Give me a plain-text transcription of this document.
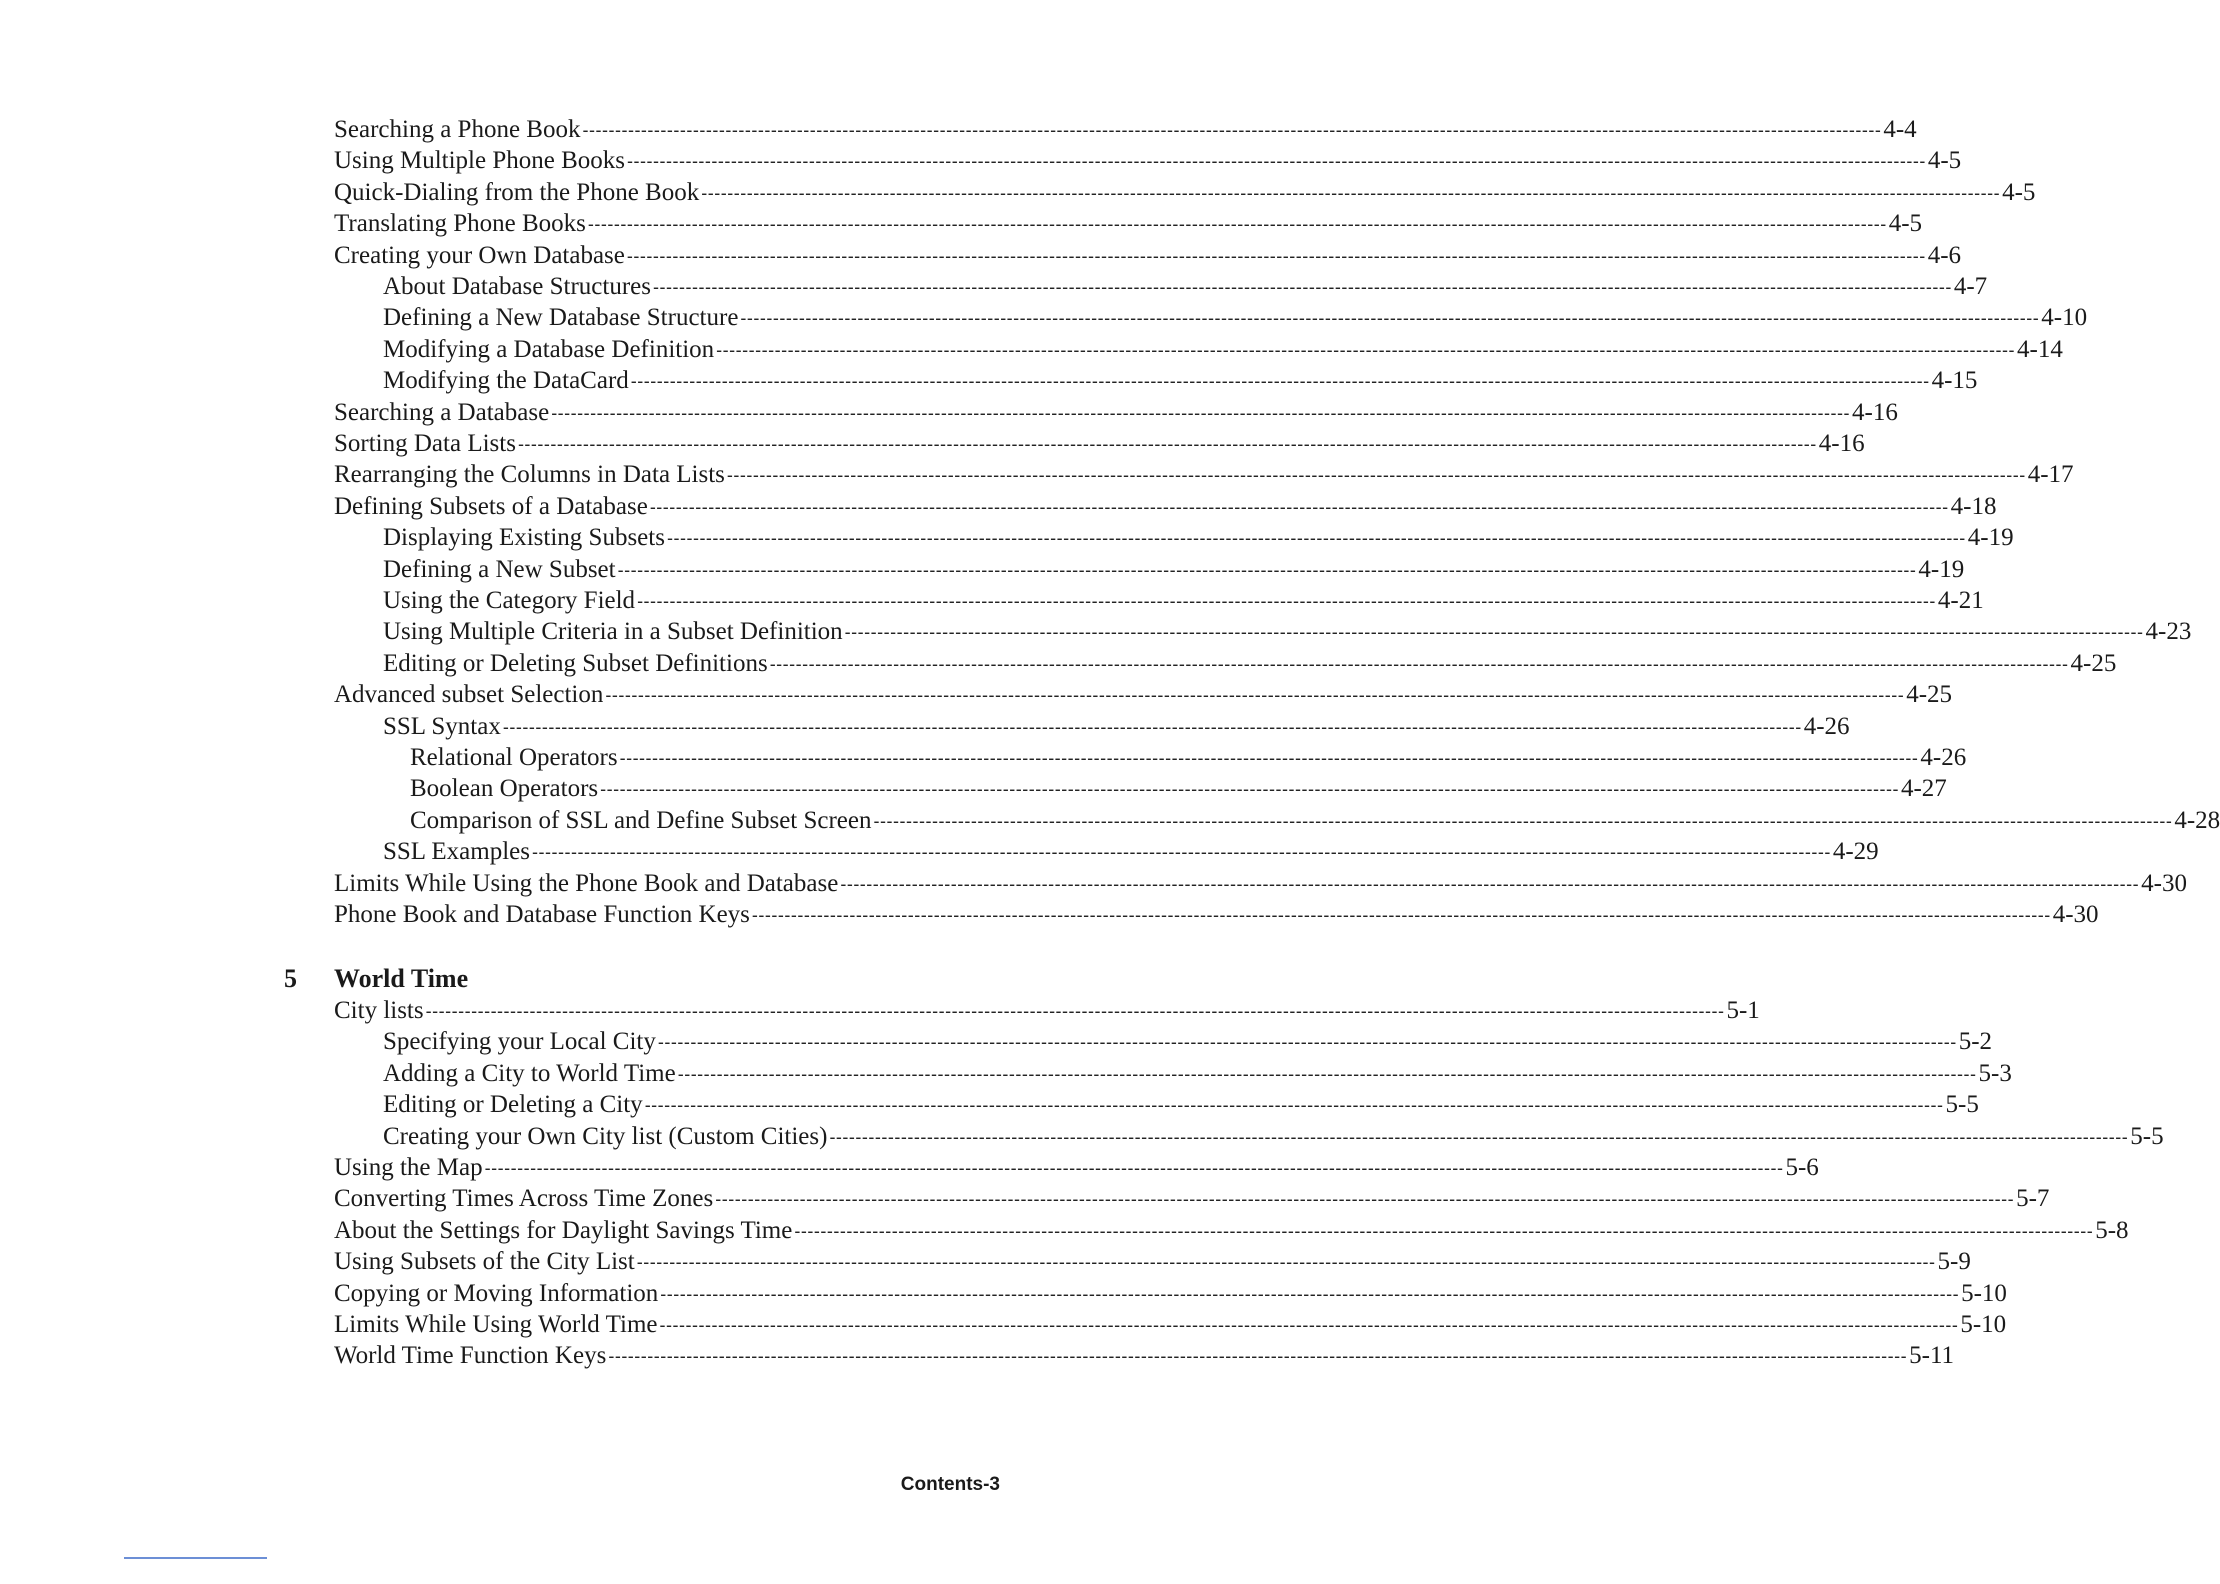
Searching a Phone Book -------------------------------------------------------------------------------------------------------------------------------------------------------------------------------------------------------- 4-4
Using Multiple Phone Books -------------------------------------------------------------------------------------------------------------------------------------------------------------------------------------------------------- 4-5
Quick-Dialing from the Phone Book -------------------------------------------------------------------------------------------------------------------------------------------------------------------------------------------------------- 4-5
Translating Phone Books -------------------------------------------------------------------------------------------------------------------------------------------------------------------------------------------------------- 4-5
Creating your Own Database -------------------------------------------------------------------------------------------------------------------------------------------------------------------------------------------------------- 4-6
About Database Structures -------------------------------------------------------------------------------------------------------------------------------------------------------------------------------------------------------- 4-7
Defining a New Database Structure -------------------------------------------------------------------------------------------------------------------------------------------------------------------------------------------------------- 4-10
Modifying a Database Definition -------------------------------------------------------------------------------------------------------------------------------------------------------------------------------------------------------- 4-14
Modifying the DataCard -------------------------------------------------------------------------------------------------------------------------------------------------------------------------------------------------------- 4-15
Searching a Database -------------------------------------------------------------------------------------------------------------------------------------------------------------------------------------------------------- 4-16
Sorting Data Lists -------------------------------------------------------------------------------------------------------------------------------------------------------------------------------------------------------- 4-16
Rearranging the Columns in Data Lists -------------------------------------------------------------------------------------------------------------------------------------------------------------------------------------------------------- 4-17
Defining Subsets of a Database -------------------------------------------------------------------------------------------------------------------------------------------------------------------------------------------------------- 4-18
Displaying Existing Subsets -------------------------------------------------------------------------------------------------------------------------------------------------------------------------------------------------------- 4-19
Defining a New Subset -------------------------------------------------------------------------------------------------------------------------------------------------------------------------------------------------------- 4-19
Using the Category Field -------------------------------------------------------------------------------------------------------------------------------------------------------------------------------------------------------- 4-21
Using Multiple Criteria in a Subset Definition -------------------------------------------------------------------------------------------------------------------------------------------------------------------------------------------------------- 4-23
Editing or Deleting Subset Definitions -------------------------------------------------------------------------------------------------------------------------------------------------------------------------------------------------------- 4-25
Advanced subset Selection -------------------------------------------------------------------------------------------------------------------------------------------------------------------------------------------------------- 4-25
SSL Syntax -------------------------------------------------------------------------------------------------------------------------------------------------------------------------------------------------------- 4-26
Relational Operators -------------------------------------------------------------------------------------------------------------------------------------------------------------------------------------------------------- 4-26
Boolean Operators -------------------------------------------------------------------------------------------------------------------------------------------------------------------------------------------------------- 4-27
Comparison of SSL and Define Subset Screen -------------------------------------------------------------------------------------------------------------------------------------------------------------------------------------------------------- 4-28
SSL Examples -------------------------------------------------------------------------------------------------------------------------------------------------------------------------------------------------------- 4-29
Limits While Using the Phone Book and Database -------------------------------------------------------------------------------------------------------------------------------------------------------------------------------------------------------- 4-30
Phone Book and Database Function Keys -------------------------------------------------------------------------------------------------------------------------------------------------------------------------------------------------------- 4-30
5 World Time
City lists -------------------------------------------------------------------------------------------------------------------------------------------------------------------------------------------------------- 5-1
Specifying your Local City -------------------------------------------------------------------------------------------------------------------------------------------------------------------------------------------------------- 5-2
Adding a City to World Time -------------------------------------------------------------------------------------------------------------------------------------------------------------------------------------------------------- 5-3
Editing or Deleting a City -------------------------------------------------------------------------------------------------------------------------------------------------------------------------------------------------------- 5-5
Creating your Own City list (Custom Cities) -------------------------------------------------------------------------------------------------------------------------------------------------------------------------------------------------------- 5-5
Using the Map -------------------------------------------------------------------------------------------------------------------------------------------------------------------------------------------------------- 5-6
Converting Times Across Time Zones -------------------------------------------------------------------------------------------------------------------------------------------------------------------------------------------------------- 5-7
About the Settings for Daylight Savings Time -------------------------------------------------------------------------------------------------------------------------------------------------------------------------------------------------------- 5-8
Using Subsets of the City List -------------------------------------------------------------------------------------------------------------------------------------------------------------------------------------------------------- 5-9
Copying or Moving Information -------------------------------------------------------------------------------------------------------------------------------------------------------------------------------------------------------- 5-10
Limits While Using World Time -------------------------------------------------------------------------------------------------------------------------------------------------------------------------------------------------------- 5-10
World Time Function Keys -------------------------------------------------------------------------------------------------------------------------------------------------------------------------------------------------------- 5-11
Contents-3
